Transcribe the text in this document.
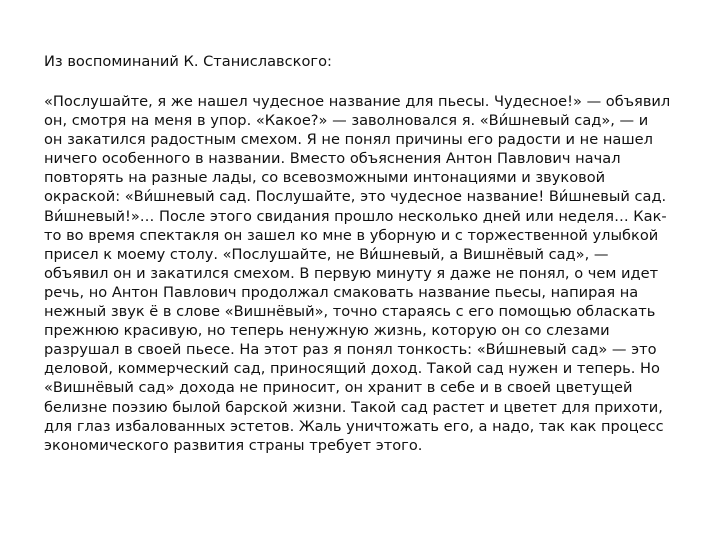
Из воспоминаний К. Станиславского:
«Послушайте, я же нашел чудесное название для пьесы. Чудесное!» — объявил
он, смотря на меня в упор. «Какое?» — заволновался я. «Ви́шневый сад», — и
он закатился радостным смехом. Я не понял причины его радости и не нашел
ничего особенного в названии. Вместо объяснения Антон Павлович начал
повторять на разные лады, со всевозможными интонациями и звуковой
окраской: «Ви́шневый сад. Послушайте, это чудесное название! Ви́шневый сад.
Ви́шневый!»… После этого свидания прошло несколько дней или неделя… Как-
то во время спектакля он зашел ко мне в уборную и с торжественной улыбкой
присел к моему столу. «Послушайте, не Ви́шневый, а Вишнёвый сад», —
объявил он и закатился смехом. В первую минуту я даже не понял, о чем идет
речь, но Антон Павлович продолжал смаковать название пьесы, напирая на
нежный звук ё в слове «Вишнёвый», точно стараясь с его помощью обласкать
прежнюю красивую, но теперь ненужную жизнь, которую он со слезами
разрушал в своей пьесе. На этот раз я понял тонкость: «Ви́шневый сад» — это
деловой, коммерческий сад, приносящий доход. Такой сад нужен и теперь. Но
«Вишнёвый сад» дохода не приносит, он хранит в себе и в своей цветущей
белизне поэзию былой барской жизни. Такой сад растет и цветет для прихоти,
для глаз избалованных эстетов. Жаль уничтожать его, а надо, так как процесс
экономического развития страны требует этого.
